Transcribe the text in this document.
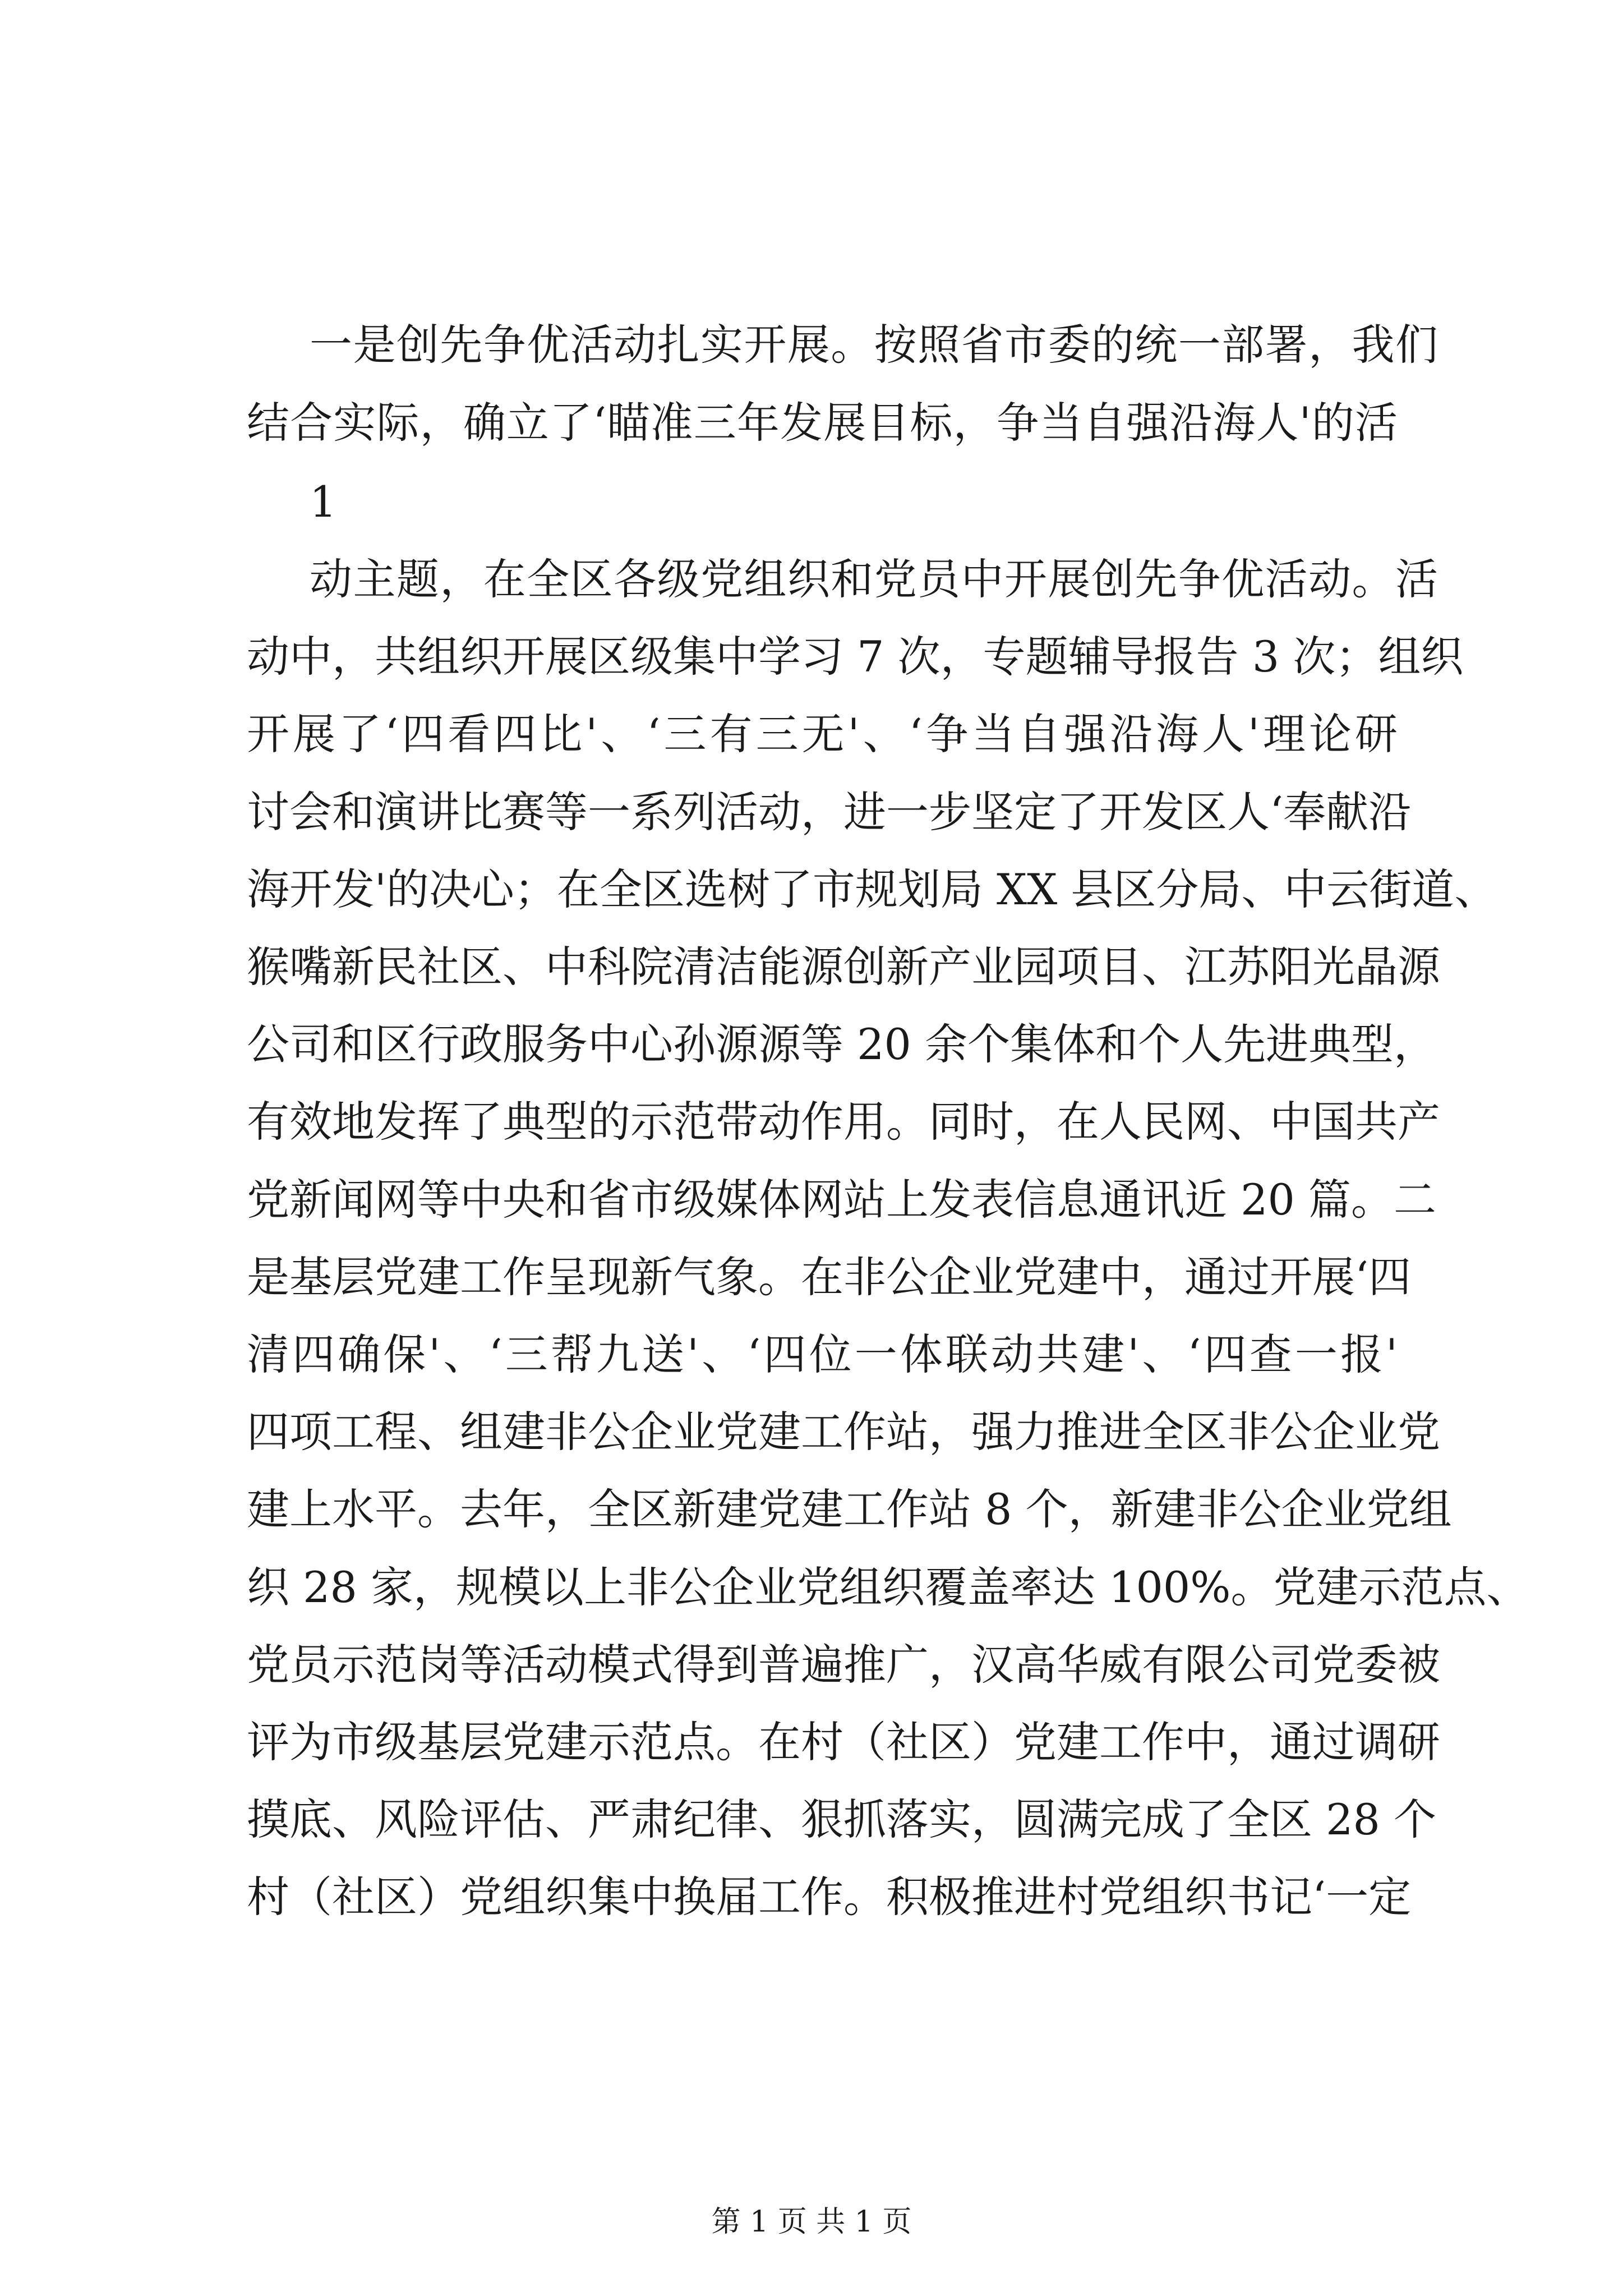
一是创先争优活动扎实开展。按照省市委的统一部署，我们
结合实际，确立了‘瞄准三年发展目标，争当自强沿海人'的活
1
动主题，在全区各级党组织和党员中开展创先争优活动。活
动中，共组织开展区级集中学习 7 次，专题辅导报告 3 次；组织
开展了‘四看四比'、‘三有三无'、‘争当自强沿海人'理论研
讨会和演讲比赛等一系列活动，进一步坚定了开发区人‘奉献沿
海开发'的决心；在全区选树了市规划局 XX 县区分局、中云街道、
猴嘴新民社区、中科院清洁能源创新产业园项目、江苏阳光晶源
公司和区行政服务中心孙源源等 20 余个集体和个人先进典型，
有效地发挥了典型的示范带动作用。同时，在人民网、中国共产
党新闻网等中央和省市级媒体网站上发表信息通讯近 20 篇。二
是基层党建工作呈现新气象。在非公企业党建中，通过开展‘四
清四确保'、‘三帮九送'、‘四位一体联动共建'、‘四查一报'
四项工程、组建非公企业党建工作站，强力推进全区非公企业党
建上水平。去年，全区新建党建工作站 8 个，新建非公企业党组
织 28 家，规模以上非公企业党组织覆盖率达 100%。党建示范点、
党员示范岗等活动模式得到普遍推广，汉高华威有限公司党委被
评为市级基层党建示范点。在村（社区）党建工作中，通过调研
摸底、风险评估、严肃纪律、狠抓落实，圆满完成了全区 28 个
村（社区）党组织集中换届工作。积极推进村党组织书记‘一定
第 1 页 共 1 页
